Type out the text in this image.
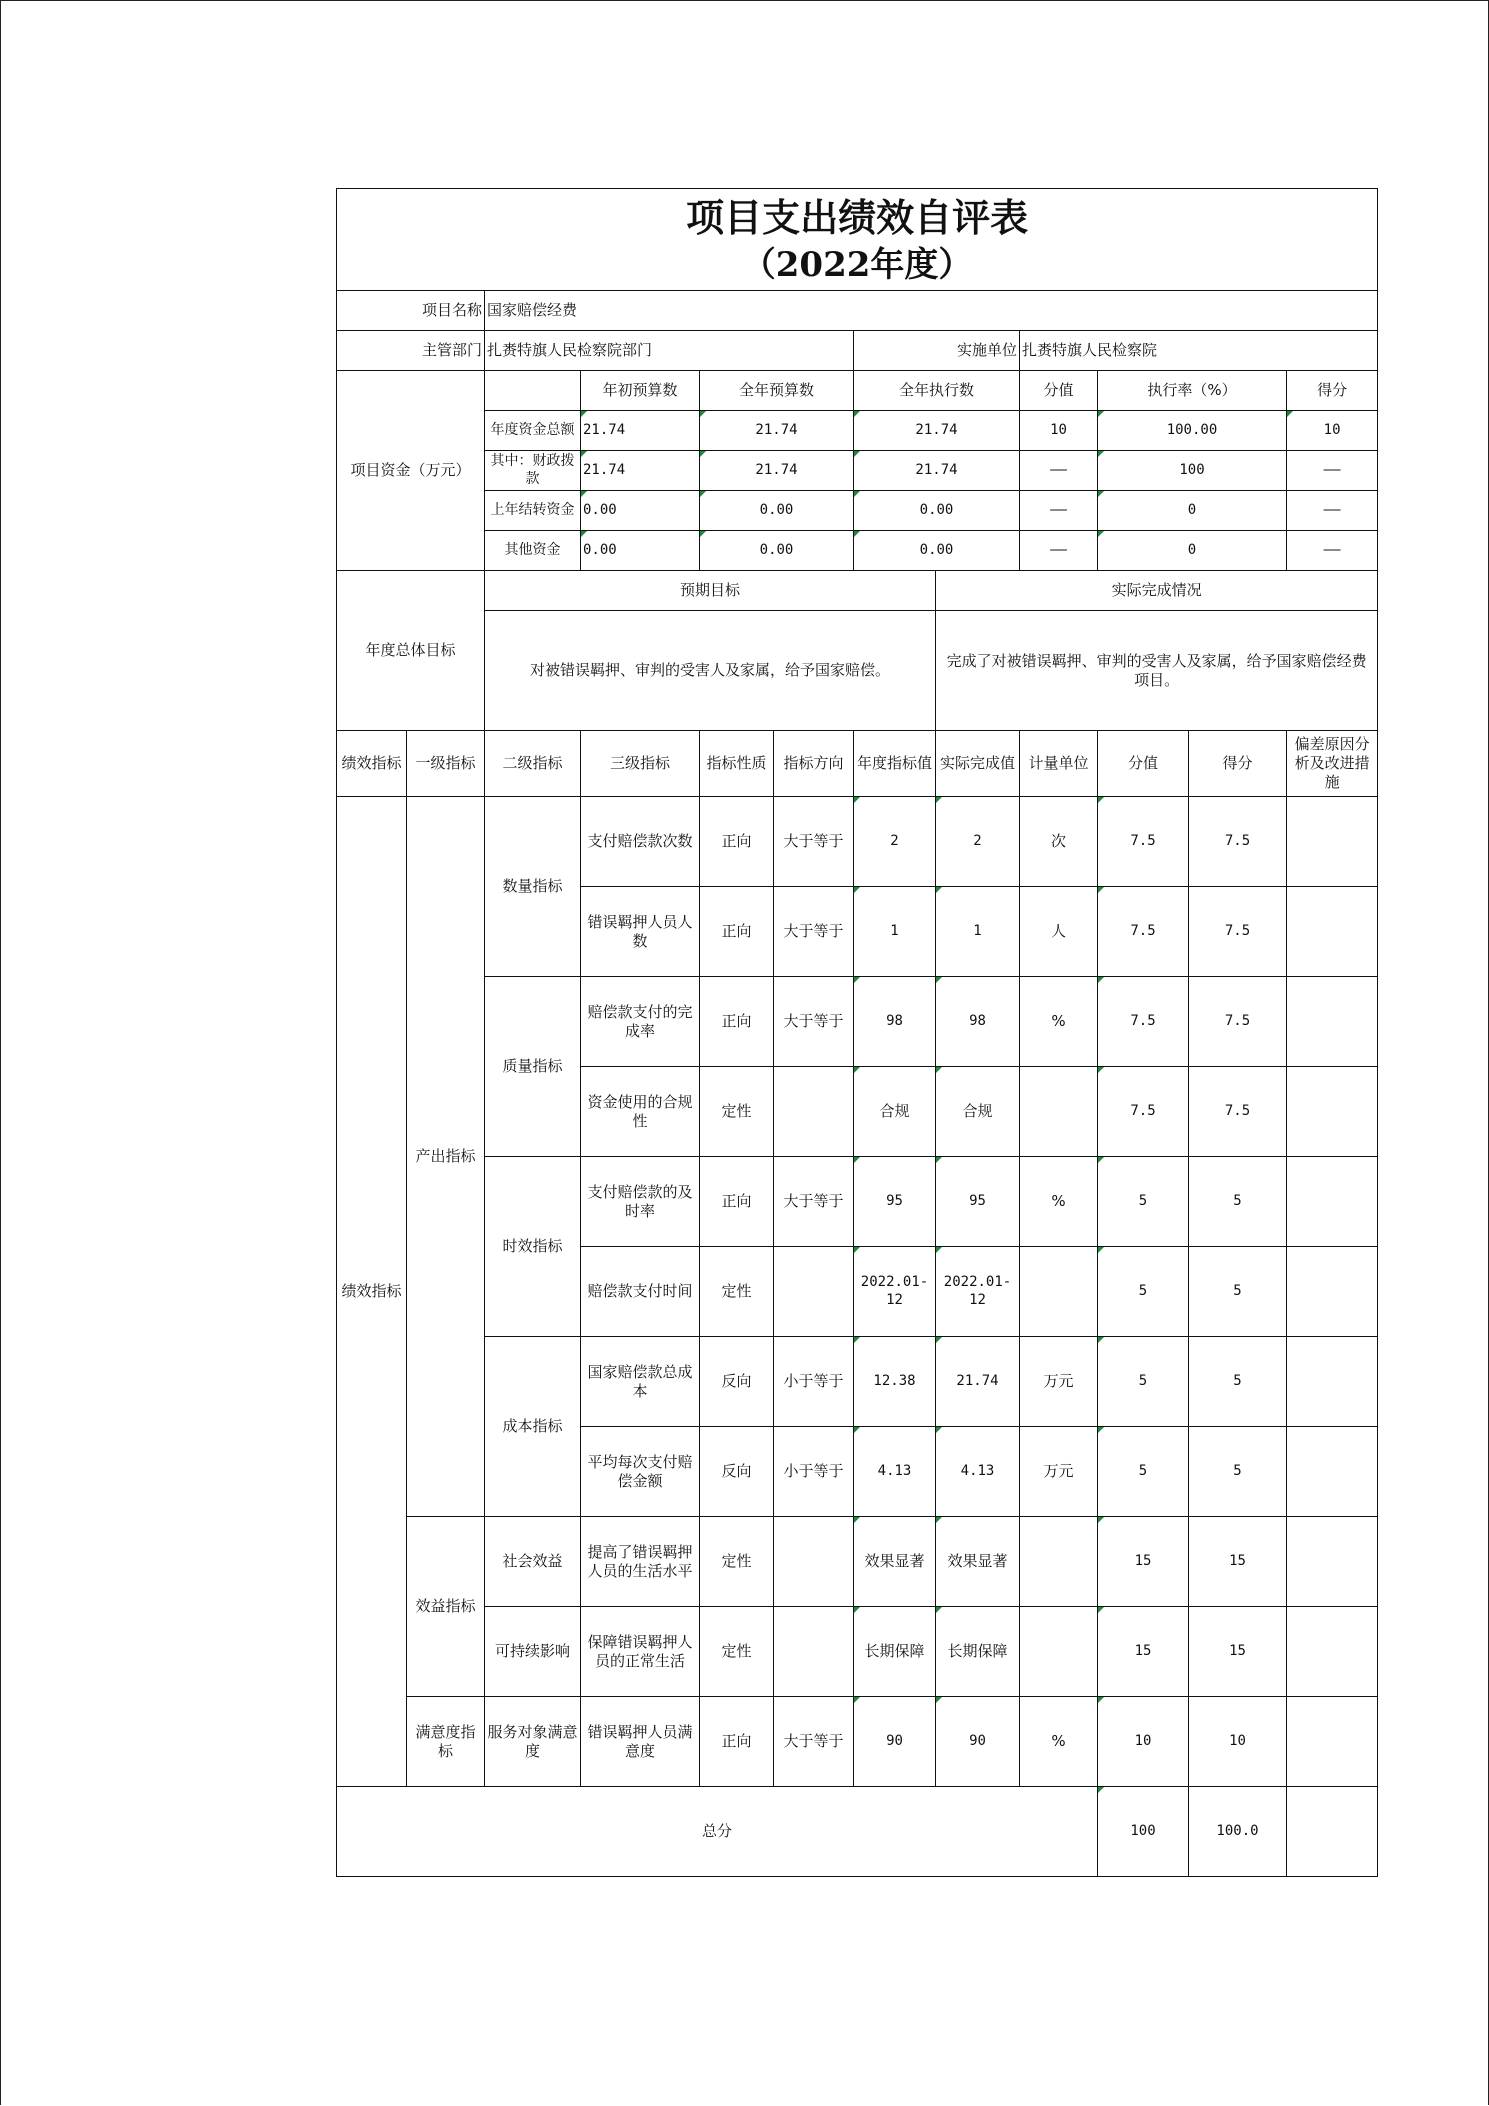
项目支出绩效自评表
（2022年度）											

项目名称		国家赔偿经费									
主管部门		扎赉特旗人民检察院部门				实施单位		扎赉特旗人民检察院			
项目资金（万元）			年初预算数	全年预算数		全年执行数		分值	执行率（%）		得分
		年度资金总额	21.74	21.74		21.74		10	100.00		10
		其中：财政拨款	21.74	21.74		21.74		——	100		——
		上年结转资金	0.00	0.00		0.00		——	0		——
		其他资金	0.00	0.00		0.00		——	0		——
年度总体目标		预期目标					实际完成情况				
		对被错误羁押、审判的受害人及家属，给予国家赔偿。					完成了对被错误羁押、审判的受害人及家属，给予国家赔偿经费项目。				
绩效指标	一级指标	二级指标	三级指标	指标性质	指标方向	年度指标值	实际完成值	计量单位	分值	得分	偏差原因分析及改进措施
绩效指标	产出指标	数量指标	支付赔偿款次数	正向	大于等于	2	2	次	7.5	7.5	
			错误羁押人员人数	正向	大于等于	1	1	人	7.5	7.5	
		质量指标	赔偿款支付的完成率	正向	大于等于	98	98	%	7.5	7.5	
			资金使用的合规性	定性		合规	合规		7.5	7.5	
		时效指标	支付赔偿款的及时率	正向	大于等于	95	95	%	5	5	
			赔偿款支付时间	定性		2022.01-12	2022.01-12		5	5	
		成本指标	国家赔偿款总成本	反向	小于等于	12.38	21.74	万元	5	5	
			平均每次支付赔偿金额	反向	小于等于	4.13	4.13	万元	5	5	
	效益指标	社会效益	提高了错误羁押人员的生活水平	定性		效果显著	效果显著		15	15	
		可持续影响	保障错误羁押人员的正常生活	定性		长期保障	长期保障		15	15	
	满意度指标	服务对象满意度	错误羁押人员满意度	正向	大于等于	90	90	%	10	10	
总分									100	100.0	
